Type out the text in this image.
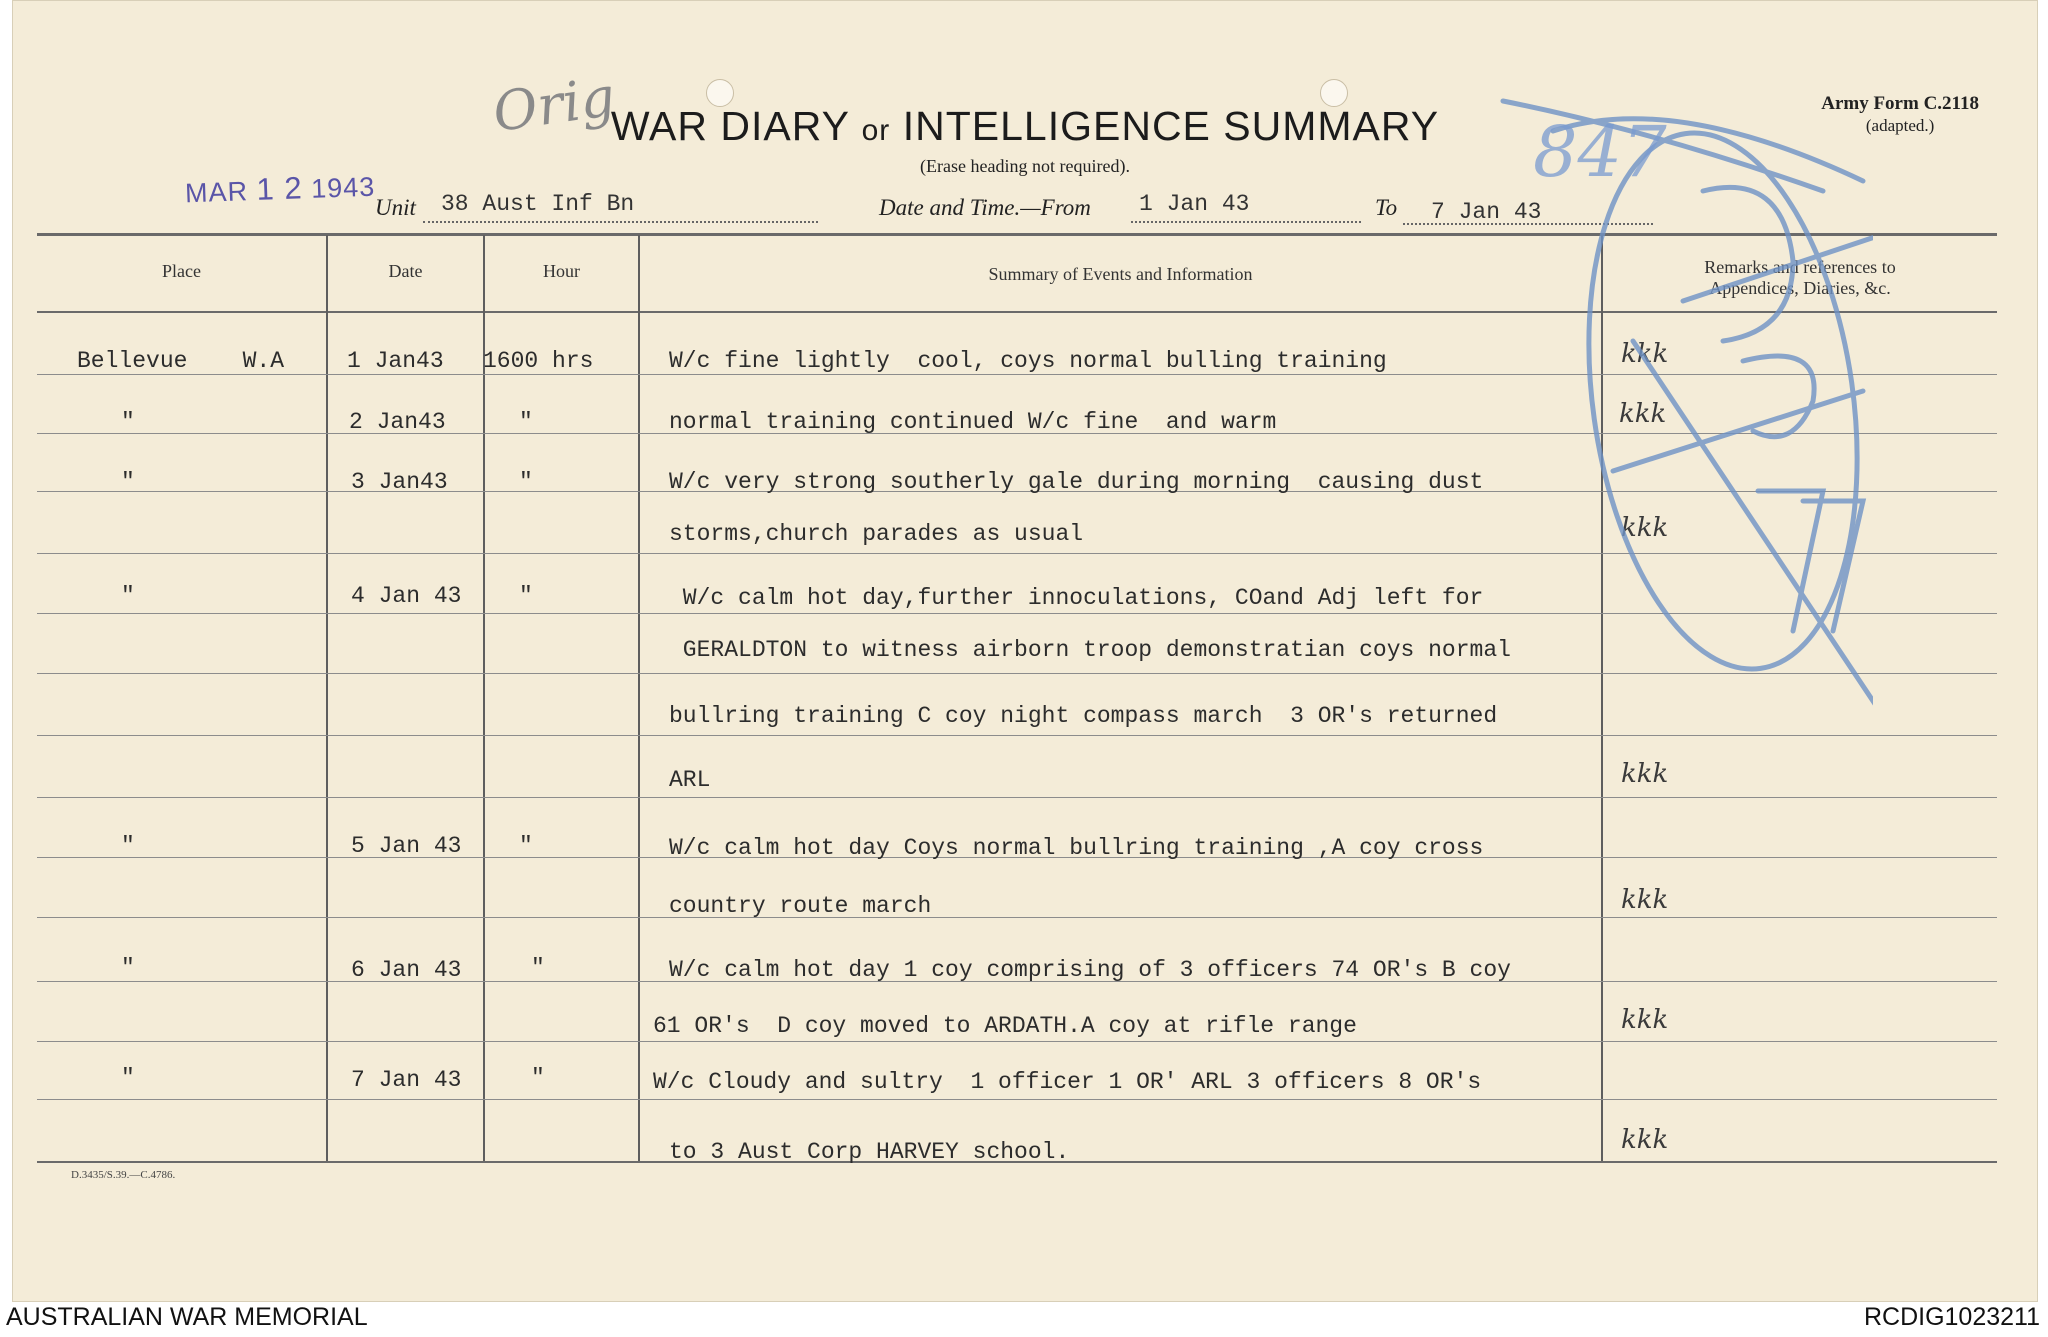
Orig
WAR DIARY or INTELLIGENCE SUMMARY
(Erase heading not required).
Army Form C.2118
(adapted.)
MAR 1 2 1943
Unit 38 Aust Inf Bn	Date and Time.—From 1 Jan 43	To 7 Jan 43
Place	Date	Hour	Summary of Events and Information	Remarks and references to
Appendices, Diaries, &c.
Bellevue    W.A	1 Jan43 1600 hrs	W/c fine lightly  cool, coys normal bulling training	kkk
"	2 Jan43	"	normal training continued W/c fine  and warm	kkk
"	3 Jan43	"	W/c very strong southerly gale during morning  causing dust
storms,church parades as usual	kkk
"	4 Jan 43	"	W/c calm hot day,further innoculations, COand Adj left for
GERALDTON to witness airborn troop demonstratian coys normal
bullring training C coy night compass march  3 OR's returned
ARL	kkk
"	5 Jan 43	"	W/c calm hot day Coys normal bullring training ,A coy cross
country route march	kkk
"	6 Jan 43	"	W/c calm hot day 1 coy comprising of 3 officers 74 OR's B coy
61 OR's  D coy moved to ARDATH.A coy at rifle range	kkk
"	7 Jan 43	"	W/c Cloudy and sultry  1 officer 1 OR' ARL 3 officers 8 OR's
to 3 Aust Corp HARVEY school.	kkk
847
8/3/77
D.3435/S.39.—C.4786.
AUSTRALIAN WAR MEMORIAL	RCDIG1023211
